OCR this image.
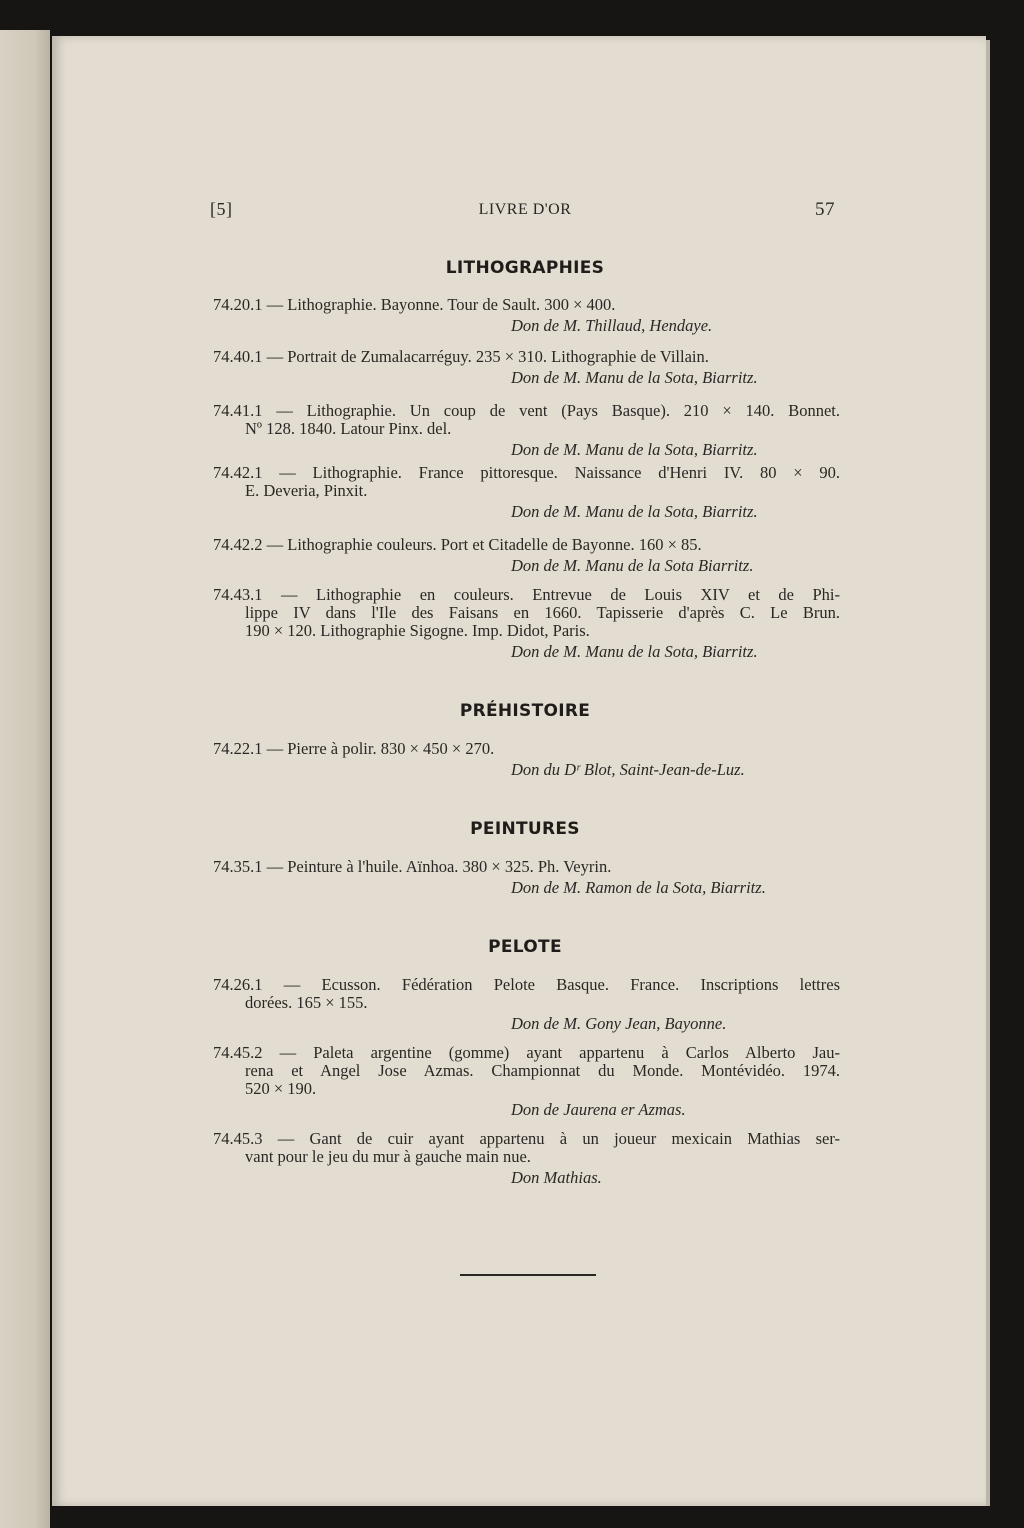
[5]	LIVRE D'OR	57
LITHOGRAPHIES
74.20.1 — Lithographie. Bayonne. Tour de Sault. 300 × 400.
Don de M. Thillaud, Hendaye.
74.40.1 — Portrait de Zumalacarréguy. 235 × 310. Lithographie de Villain.
Don de M. Manu de la Sota, Biarritz.
74.41.1 — Lithographie. Un coup de vent (Pays Basque). 210 × 140. Bonnet.
Nº 128. 1840. Latour Pinx. del.
Don de M. Manu de la Sota, Biarritz.
74.42.1 — Lithographie. France pittoresque. Naissance d'Henri IV. 80 × 90.
E. Deveria, Pinxit.
Don de M. Manu de la Sota, Biarritz.
74.42.2 — Lithographie couleurs. Port et Citadelle de Bayonne. 160 × 85.
Don de M. Manu de la Sota Biarritz.
74.43.1 — Lithographie en couleurs. Entrevue de Louis XIV et de Phi-
lippe IV dans l'Ile des Faisans en 1660. Tapisserie d'après C. Le Brun.
190 × 120. Lithographie Sigogne. Imp. Didot, Paris.
Don de M. Manu de la Sota, Biarritz.
PRÉHISTOIRE
74.22.1 — Pierre à polir. 830 × 450 × 270.
Don du Dʳ Blot, Saint-Jean-de-Luz.
PEINTURES
74.35.1 — Peinture à l'huile. Aïnhoa. 380 × 325. Ph. Veyrin.
Don de M. Ramon de la Sota, Biarritz.
PELOTE
74.26.1 — Ecusson. Fédération Pelote Basque. France. Inscriptions lettres
dorées. 165 × 155.
Don de M. Gony Jean, Bayonne.
74.45.2 — Paleta argentine (gomme) ayant appartenu à Carlos Alberto Jau-
rena et Angel Jose Azmas. Championnat du Monde. Montévidéo. 1974.
520 × 190.
Don de Jaurena er Azmas.
74.45.3 — Gant de cuir ayant appartenu à un joueur mexicain Mathias ser-
vant pour le jeu du mur à gauche main nue.
Don Mathias.
